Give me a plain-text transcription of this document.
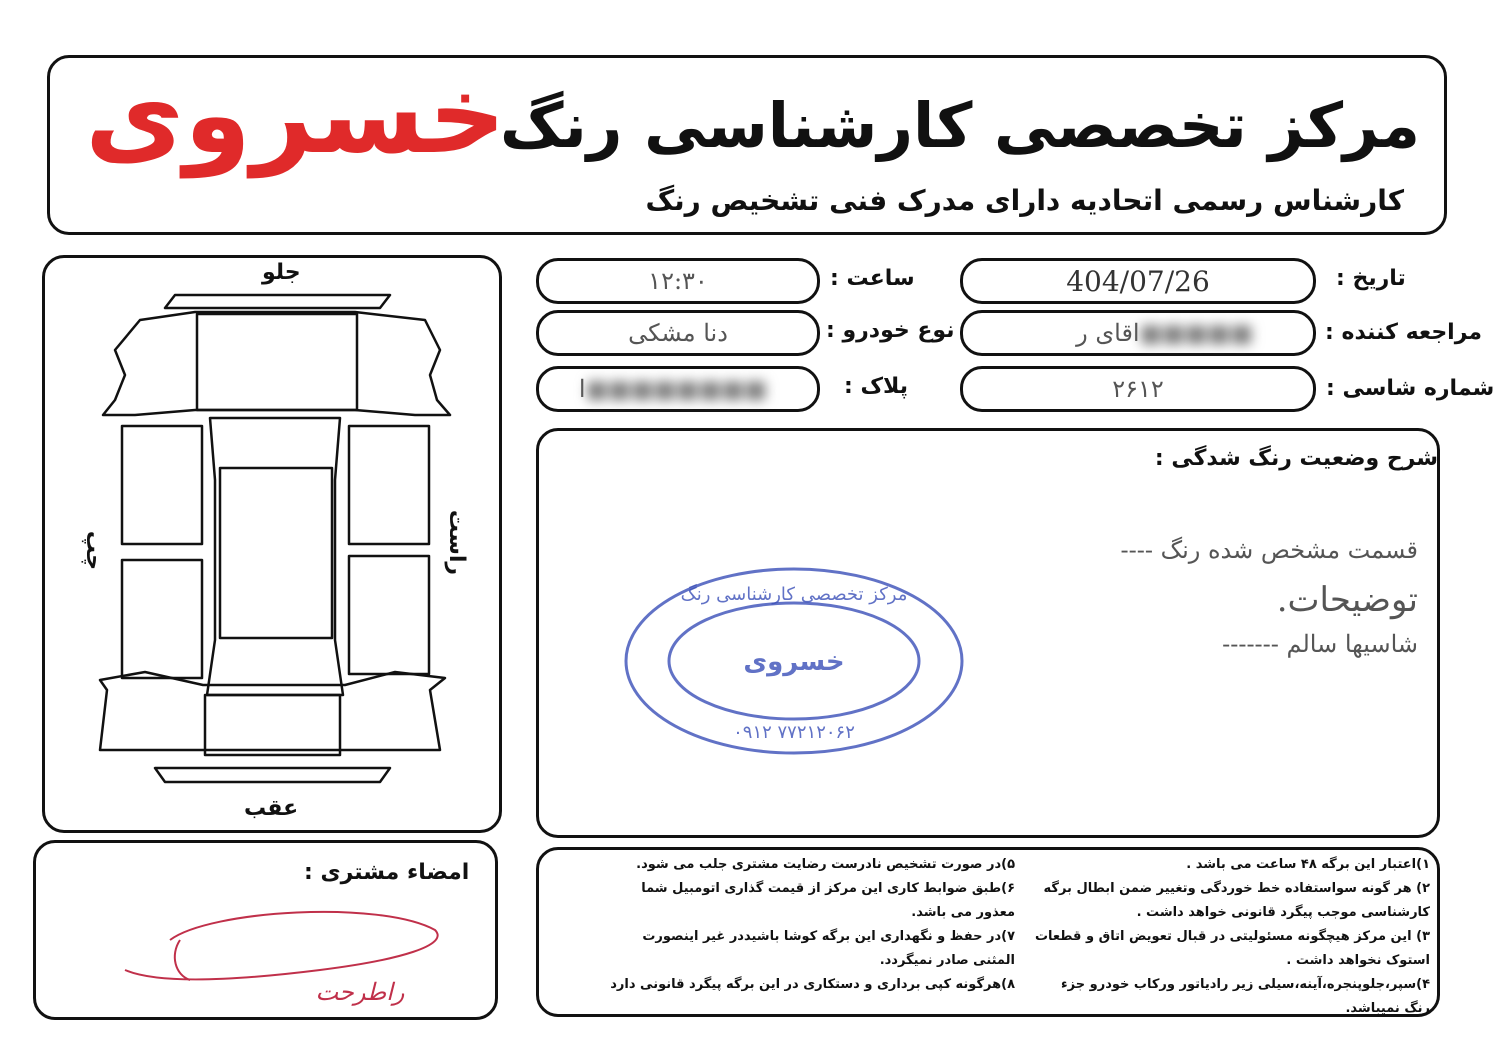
خسروی
مرکز تخصصی کارشناسی رنگ
کارشناس رسمی اتحادیه دارای مدرک فنی تشخیص رنگ
جلو
عقب
راست
چپ
تاریخ :
404/07/26
ساعت :
۱۲:۳۰
مراجعه کننده :
اقای ر ■■■■■
نوع خودرو :
دنا مشکی
شماره شاسی :
۲۶۱۲
پلاک :
ا ■■■■■■■■
شرح وضعیت رنگ شدگی :
قسمت مشخص شده رنگ ----
توضیحات.
شاسیها سالم -------
مرکز تخصصی کارشناسی رنگ
خسروی
۰۹۱۲ ۷۷۲۱۲۰۶۲
امضاء مشتری :
راطرحت
۱)اعتبار این برگه ۴۸ ساعت می باشد .
۲) هر گونه سواستفاده خط خوردگی وتغییر ضمن ابطال برگه
کارشناسی موجب پیگرد قانونی خواهد داشت .
۳) این مرکز هیچگونه مسئولیتی در قبال تعویض اتاق و قطعات
استوک نخواهد داشت .
۴)سپر،جلوپنجره،آینه،سیلی زیر رادیاتور ورکاب خودرو جزء
رنگ نمیباشد.
۵)در صورت تشخیص نادرست رضایت مشتری جلب می شود.
۶)طبق ضوابط کاری این مرکز از قیمت گذاری اتومبیل شما
معذور می باشد.
۷)در حفظ و نگهداری این برگه کوشا باشیددر غیر اینصورت
المثنی صادر نمیگردد.
۸)هرگونه کپی برداری و دستکاری در این برگه پیگرد قانونی دارد
